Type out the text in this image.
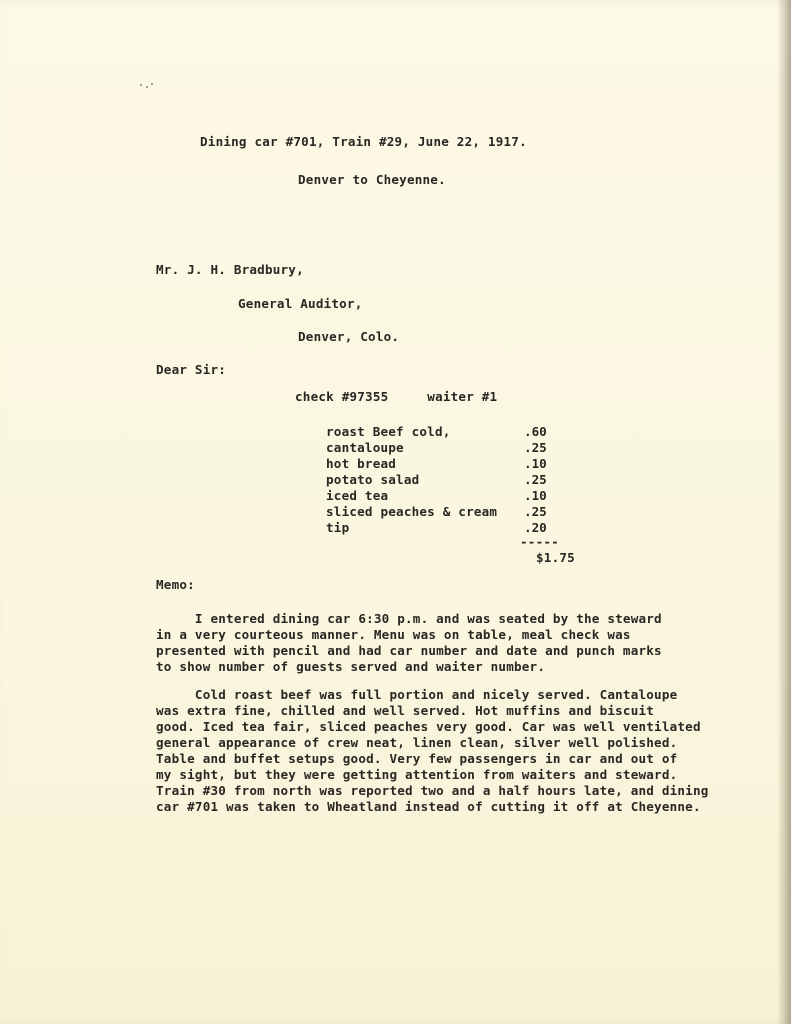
Dining car #701, Train #29, June 22, 1917.
Denver to Cheyenne.
Mr. J. H. Bradbury,
General Auditor,
Denver, Colo.
Dear Sir:
check #97355     waiter #1
roast Beef cold,	.60
cantaloupe	.25
hot bread	.10
potato salad	.25
iced tea	.10
sliced peaches & cream .25
tip	.20
-----
$1.75
Memo:
I entered dining car 6:30 p.m. and was seated by the steward
in a very courteous manner. Menu was on table, meal check was
presented with pencil and had car number and date and punch marks
to show number of guests served and waiter number.
Cold roast beef was full portion and nicely served. Cantaloupe
was extra fine, chilled and well served. Hot muffins and biscuit
good. Iced tea fair, sliced peaches very good. Car was well ventilated
general appearance of crew neat, linen clean, silver well polished.
Table and buffet setups good. Very few passengers in car and out of
my sight, but they were getting attention from waiters and steward.
Train #30 from north was reported two and a half hours late, and dining
car #701 was taken to Wheatland instead of cutting it off at Cheyenne.
